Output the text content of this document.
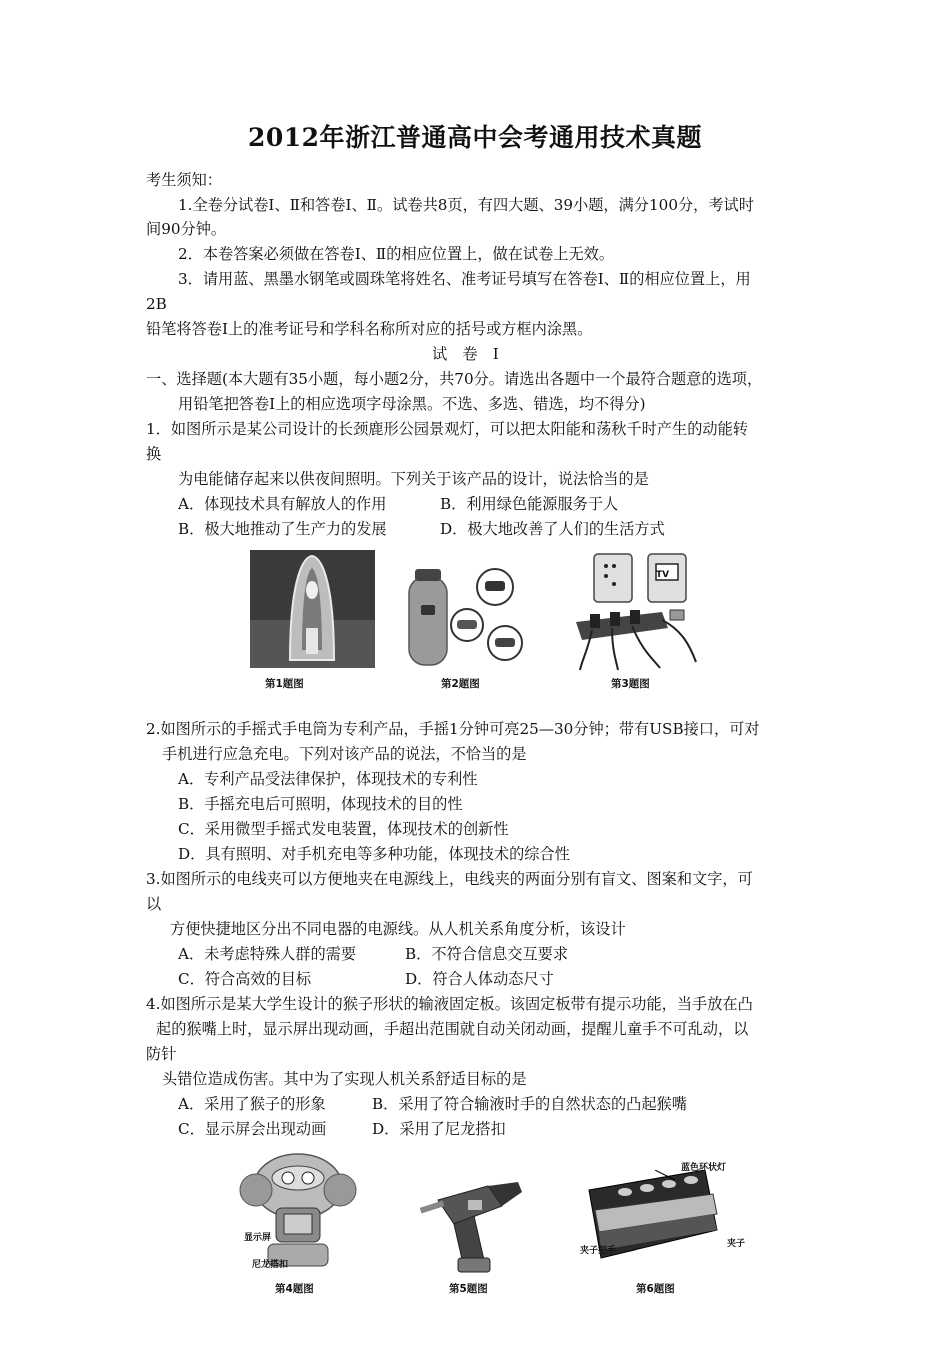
2012年浙江普通高中会考通用技术真题
考生须知：
1.全卷分试卷Ⅰ、Ⅱ和答卷Ⅰ、Ⅱ。试卷共8页，有四大题、39小题，满分100分，考试时
间90分钟。
2．本卷答案必须做在答卷Ⅰ、Ⅱ的相应位置上，做在试卷上无效。
3．请用蓝、黑墨水钢笔或圆珠笔将姓名、准考证号填写在答卷Ⅰ、Ⅱ的相应位置上，用
2B
铅笔将答卷Ⅰ上的准考证号和学科名称所对应的括号或方框内涂黑。
试　卷　Ⅰ
一、选择题(本大题有35小题，每小题2分，共70分。请选出各题中一个最符合题意的选项，
用铅笔把答卷Ⅰ上的相应选项字母涂黑。不选、多选、错选，均不得分)
1．如图所示是某公司设计的长颈鹿形公园景观灯，可以把太阳能和荡秋千时产生的动能转
换
为电能储存起来以供夜间照明。下列关于该产品的设计，说法恰当的是
A．体现技术具有解放人的作用	B．利用绿色能源服务于人
B．极大地推动了生产力的发展	D．极大地改善了人们的生活方式
第1题图	第2题图
TV
第3题图
2.如图所示的手摇式手电筒为专利产品，手摇1分钟可亮25—30分钟；带有USB接口，可对
手机进行应急充电。下列对该产品的说法，不恰当的是
A．专利产品受法律保护，体现技术的专利性
B．手摇充电后可照明，体现技术的目的性
C．采用微型手摇式发电装置，体现技术的创新性
D．具有照明、对手机充电等多种功能，体现技术的综合性
3.如图所示的电线夹可以方便地夹在电源线上，电线夹的两面分别有盲文、图案和文字，可
以
方便快捷地区分出不同电器的电源线。从人机关系角度分析，该设计
A．未考虑特殊人群的需要	B．不符合信息交互要求
C．符合高效的目标	D．符合人体动态尺寸
4.如图所示是某大学生设计的猴子形状的输液固定板。该固定板带有提示功能，当手放在凸
起的猴嘴上时，显示屏出现动画，手超出范围就自动关闭动画，提醒儿童手不可乱动，以
防针
头错位造成伤害。其中为了实现人机关系舒适目标的是
A．采用了猴子的形象	B．采用了符合输液时手的自然状态的凸起猴嘴
C．显示屏会出现动画	D．采用了尼龙搭扣
显示屏
尼龙搭扣
第4题图	第5题图
蓝色环状灯
夹子把手
夹子
第6题图
